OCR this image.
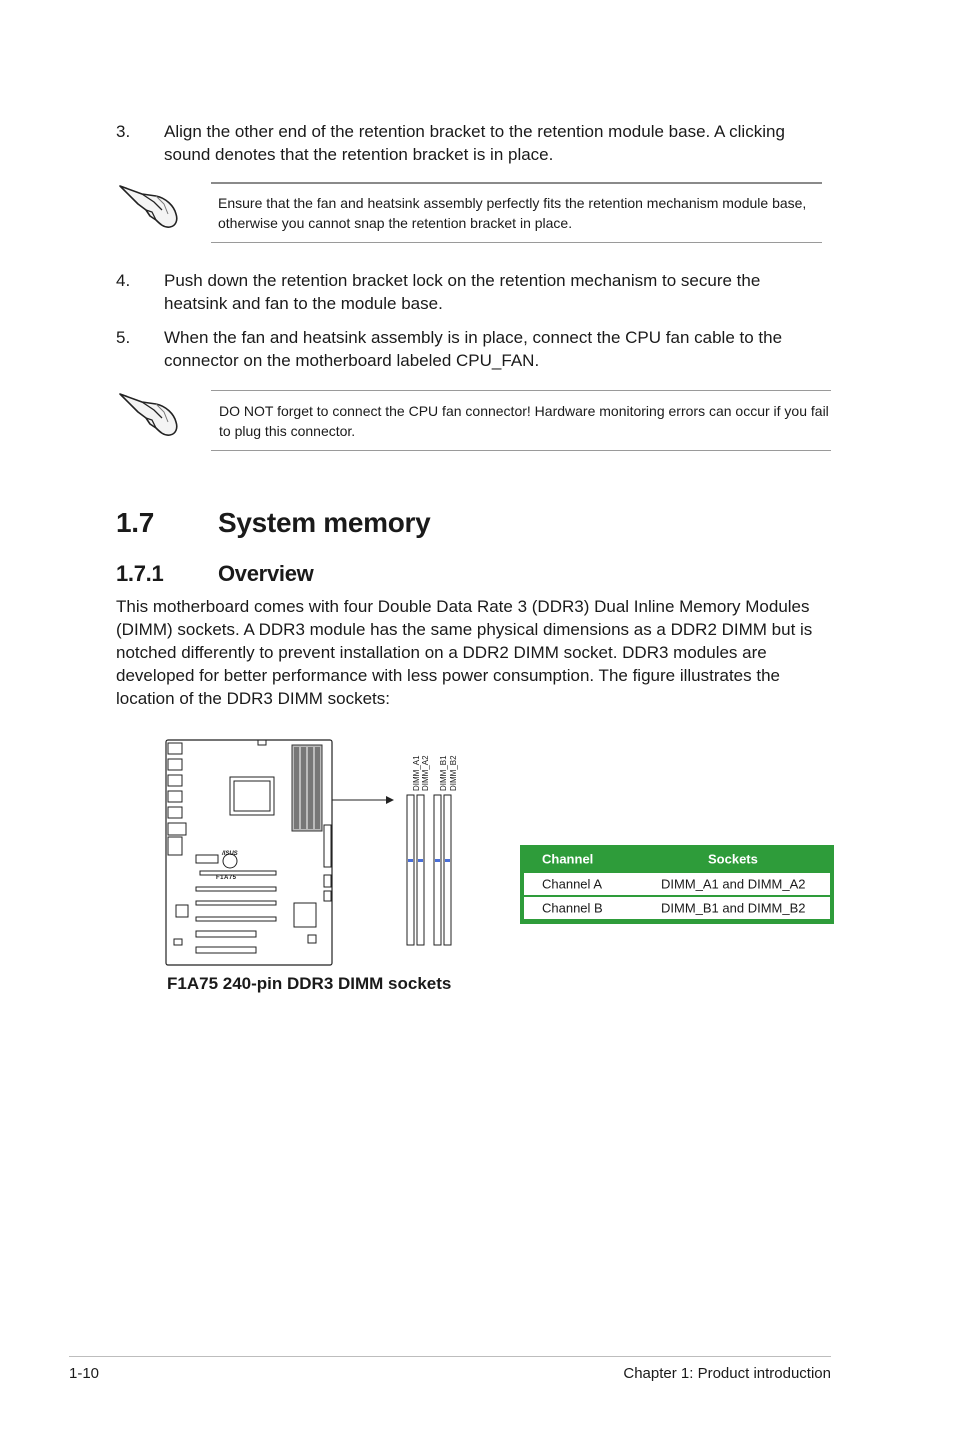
3. Align the other end of the retention bracket to the retention module base. A clicking sound denotes that the retention bracket is in place.
Ensure that the fan and heatsink assembly perfectly fits the retention mechanism module base, otherwise you cannot snap the retention bracket in place.
4. Push down the retention bracket lock on the retention mechanism to secure the heatsink and fan to the module base.
5. When the fan and heatsink assembly is in place, connect the CPU fan cable to the connector on the motherboard labeled CPU_FAN.
DO NOT forget to connect the CPU fan connector! Hardware monitoring errors can occur if you fail to plug this connector.
1.7 System memory
1.7.1 Overview
This motherboard comes with four Double Data Rate 3 (DDR3) Dual Inline Memory Modules (DIMM) sockets. A DDR3 module has the same physical dimensions as a DDR2 DIMM but is notched differently to prevent installation on a DDR2 DIMM socket. DDR3 modules are developed for better performance with less power consumption. The figure illustrates the location of the DDR3 DIMM sockets:
F1A75
/ISUS
DIMM_A1 DIMM_A2 DIMM_B1 DIMM_B2
F1A75 240-pin DDR3 DIMM sockets
Channel	Sockets
Channel A	DIMM_A1 and DIMM_A2
Channel B	DIMM_B1 and DIMM_B2
1-10	Chapter 1: Product introduction
